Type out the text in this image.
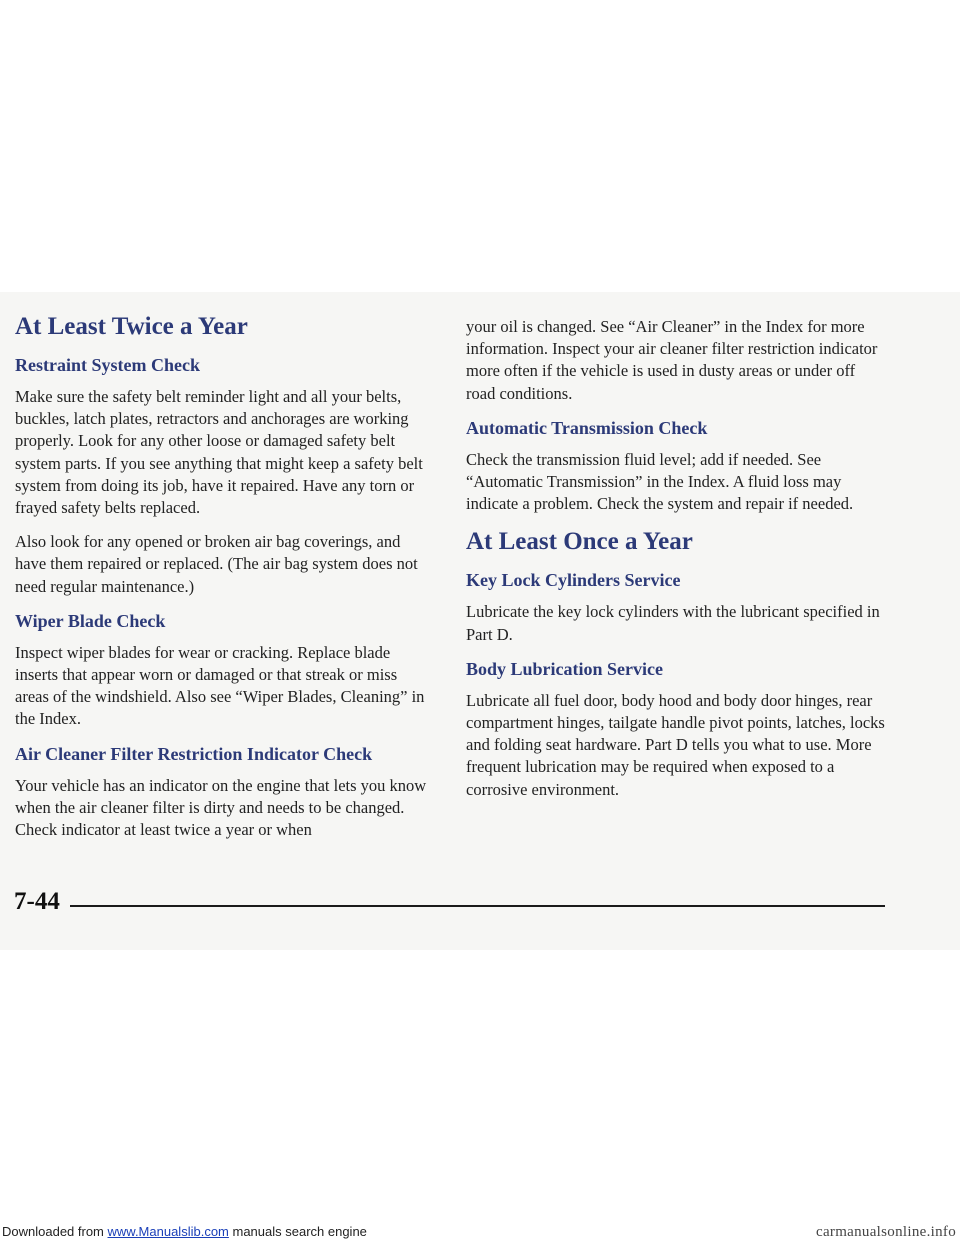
At Least Twice a Year
Restraint System Check

Make sure the safety belt reminder light and all your belts, buckles, latch plates, retractors and anchorages are working properly. Look for any other loose or damaged safety belt system parts. If you see anything that might keep a safety belt system from doing its job, have it repaired. Have any torn or frayed safety belts replaced.

Also look for any opened or broken air bag coverings, and have them repaired or replaced. (The air bag system does not need regular maintenance.)

Wiper Blade Check

Inspect wiper blades for wear or cracking. Replace blade inserts that appear worn or damaged or that streak or miss areas of the windshield. Also see “Wiper Blades, Cleaning” in the Index.

Air Cleaner Filter Restriction Indicator Check

Your vehicle has an indicator on the engine that lets you know when the air cleaner filter is dirty and needs to be changed. Check indicator at least twice a year or when

your oil is changed. See “Air Cleaner” in the Index for more information. Inspect your air cleaner filter restriction indicator more often if the vehicle is used in dusty areas or under off road conditions.

Automatic Transmission Check

Check the transmission fluid level; add if needed. See “Automatic Transmission” in the Index. A fluid loss may indicate a problem. Check the system and repair if needed.

At Least Once a Year
Key Lock Cylinders Service

Lubricate the key lock cylinders with the lubricant specified in Part D.

Body Lubrication Service

Lubricate all fuel door, body hood and body door hinges, rear compartment hinges, tailgate handle pivot points, latches, locks and folding seat hardware. Part D tells you what to use. More frequent lubrication may be required when exposed to a corrosive environment.

7-44
Downloaded from www.Manualslib.com manuals search engine	carmanualsonline.info
